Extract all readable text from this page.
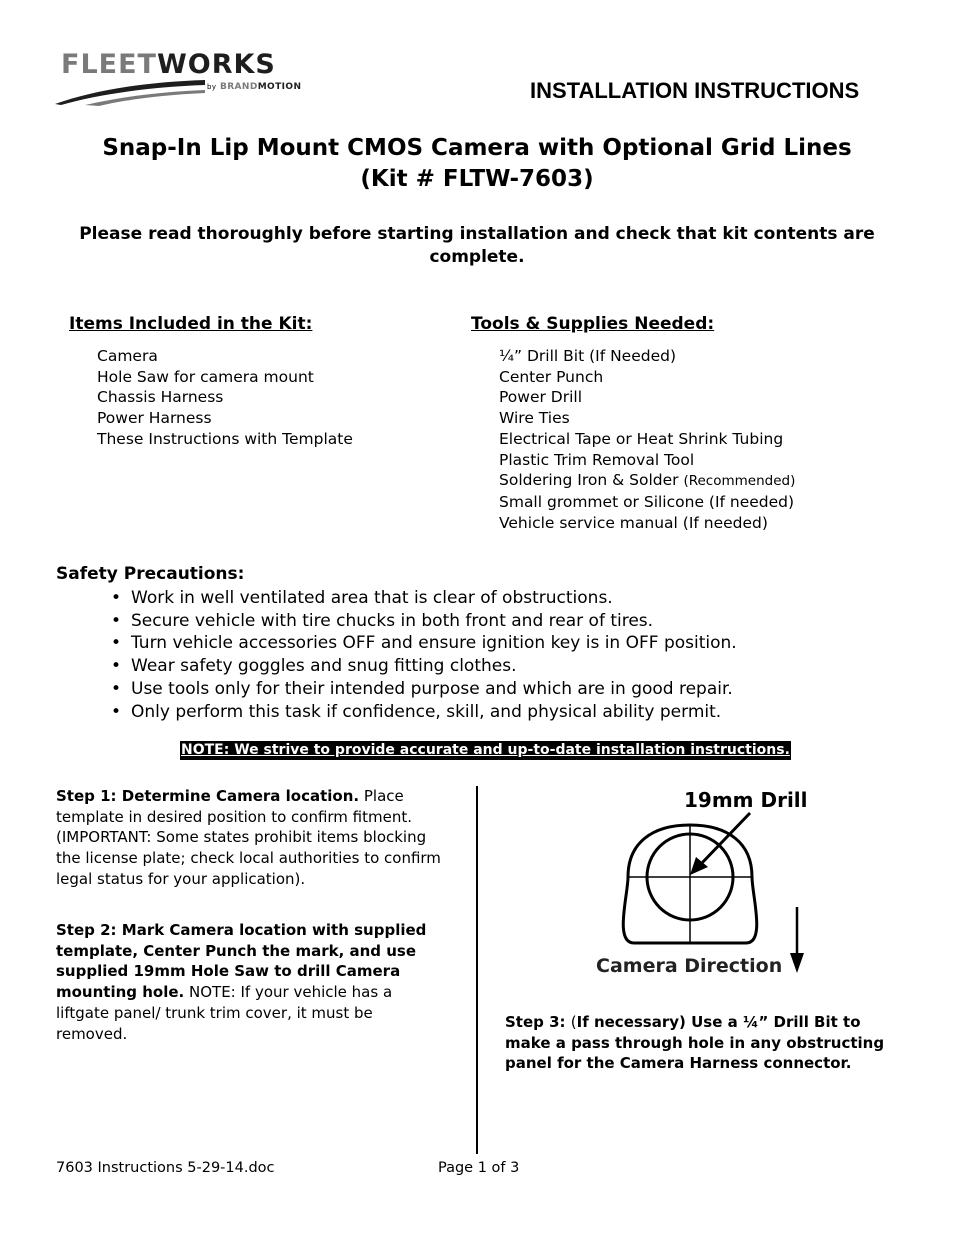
FLEETWORKS
by BRANDMOTION	INSTALLATION INSTRUCTIONS
Snap-In Lip Mount CMOS Camera with Optional Grid Lines
(Kit # FLTW-7603)
Please read thoroughly before starting installation and check that kit contents are complete.
Items Included in the Kit:
Camera
Hole Saw for camera mount
Chassis Harness
Power Harness
These Instructions with Template
Tools & Supplies Needed:
¼” Drill Bit (If Needed)
Center Punch
Power Drill
Wire Ties
Electrical Tape or Heat Shrink Tubing
Plastic Trim Removal Tool
Soldering Iron & Solder (Recommended)
Small grommet or Silicone (If needed)
Vehicle service manual (If needed)
Safety Precautions:
• Work in well ventilated area that is clear of obstructions.
• Secure vehicle with tire chucks in both front and rear of tires.
• Turn vehicle accessories OFF and ensure ignition key is in OFF position.
• Wear safety goggles and snug fitting clothes.
• Use tools only for their intended purpose and which are in good repair.
• Only perform this task if confidence, skill, and physical ability permit.
NOTE: We strive to provide accurate and up-to-date installation instructions.
Step 1: Determine Camera location. Place template in desired position to confirm fitment. (IMPORTANT: Some states prohibit items blocking the license plate; check local authorities to confirm legal status for your application).
Step 2: Mark Camera location with supplied template, Center Punch the mark, and use supplied 19mm Hole Saw to drill Camera mounting hole. NOTE: If your vehicle has a liftgate panel/ trunk trim cover, it must be removed.
19mm Drill
Camera Direction
Step 3: (If necessary) Use a ¼” Drill Bit to make a pass through hole in any obstructing panel for the Camera Harness connector.
7603 Instructions 5-29-14.doc	Page 1 of 3
